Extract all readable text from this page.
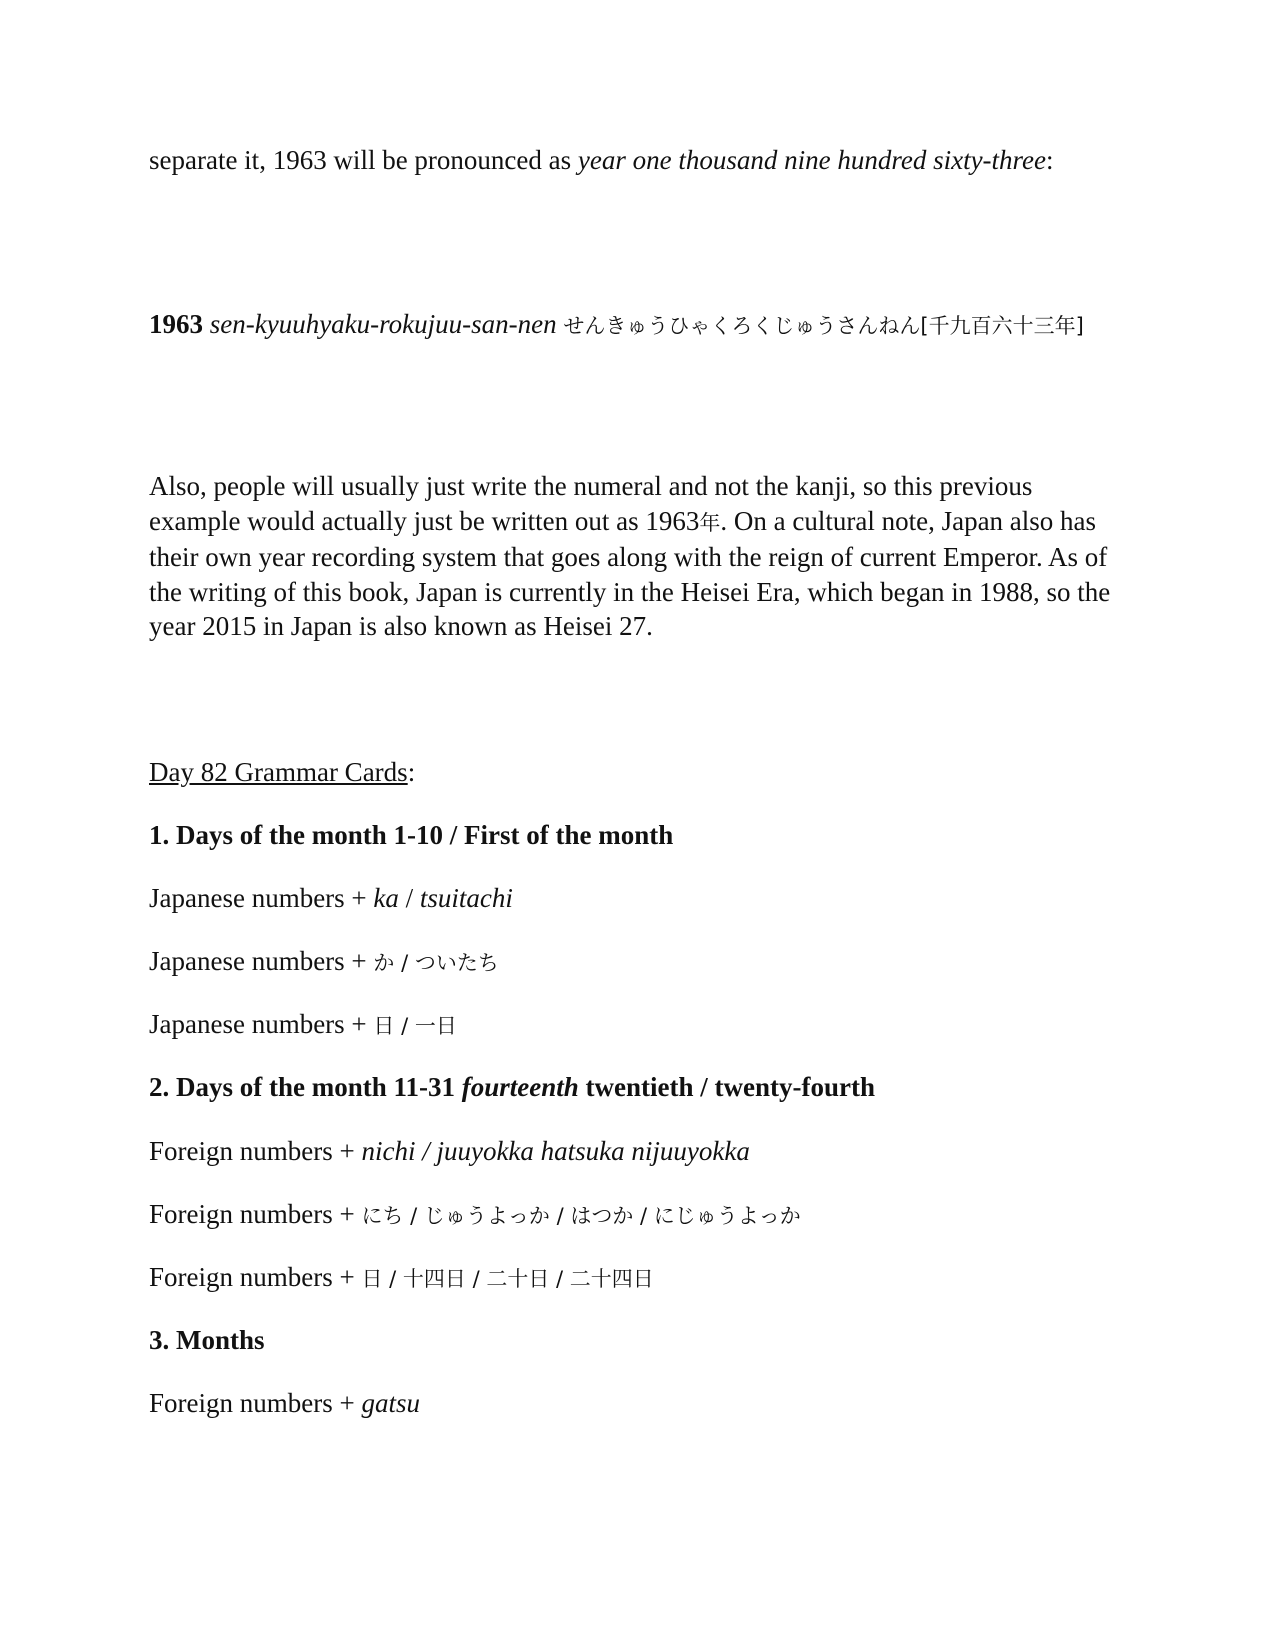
separate it, 1963 will be pronounced as year one thousand nine hundred sixty-three:

1963 sen-kyuuhyaku-rokujuu-san-nen せんきゅうひゃくろくじゅうさんねん[千九百六十三年]

Also, people will usually just write the numeral and not the kanji, so this previous example would actually just be written out as 1963年. On a cultural note, Japan also has their own year recording system that goes along with the reign of current Emperor. As of the writing of this book, Japan is currently in the Heisei Era, which began in 1988, so the year 2015 in Japan is also known as Heisei 27.

Day 82 Grammar Cards:

1. Days of the month 1-10 / First of the month

Japanese numbers + ka / tsuitachi

Japanese numbers + か / ついたち

Japanese numbers + 日 / 一日

2. Days of the month 11-31 fourteenth twentieth / twenty-fourth

Foreign numbers + nichi / juuyokka hatsuka nijuuyokka

Foreign numbers + にち / じゅうよっか / はつか / にじゅうよっか

Foreign numbers + 日 / 十四日 / 二十日 / 二十四日

3. Months

Foreign numbers + gatsu
